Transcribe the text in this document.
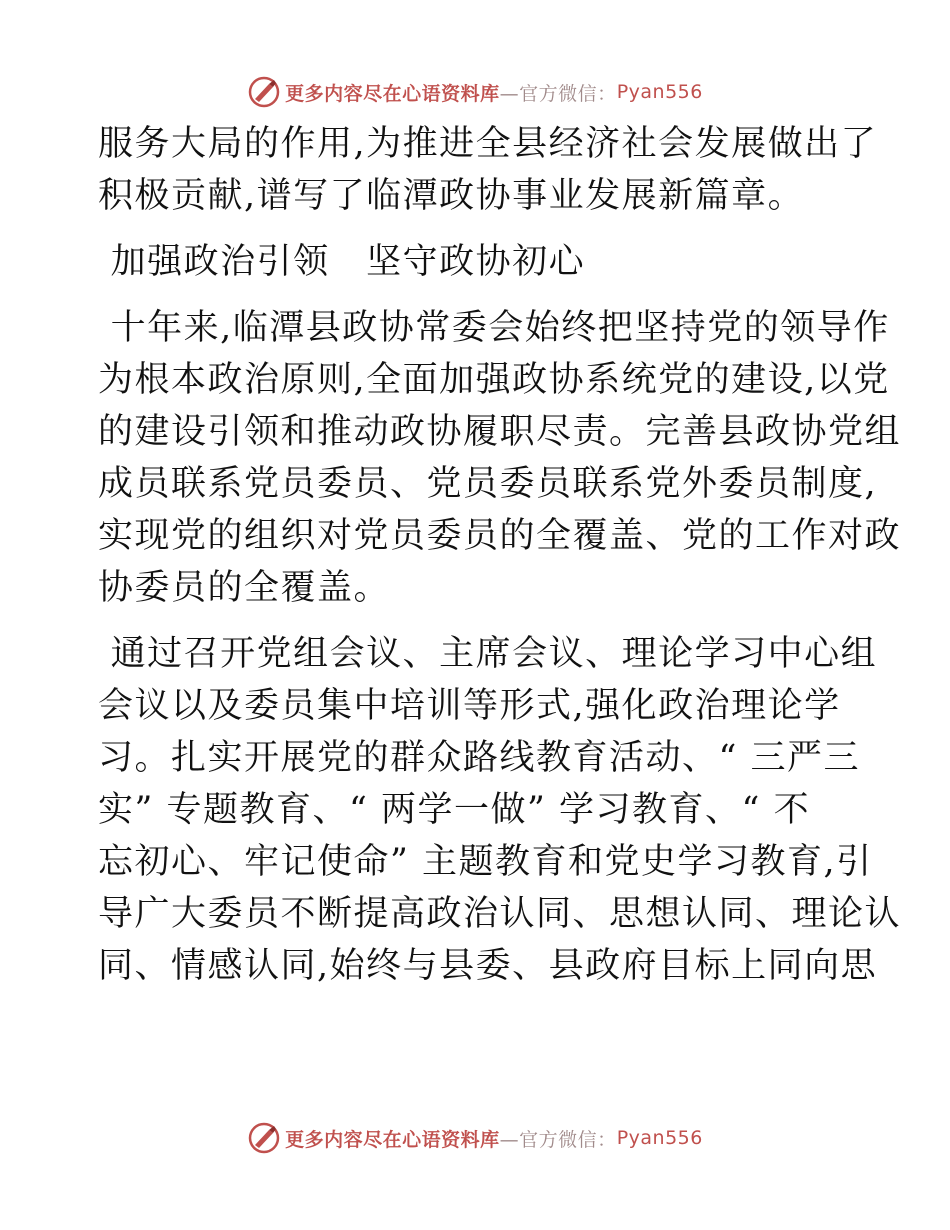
更多内容尽在心语资料库 —官方微信： Pyan556
服务大局的作用,为推进全县经济社会发展做出了
积极贡献,谱写了临潭政协事业发展新篇章。
加强政治引领　坚守政协初心
十年来,临潭县政协常委会始终把坚持党的领导作
为根本政治原则,全面加强政协系统党的建设,以党
的建设引领和推动政协履职尽责。完善县政协党组
成员联系党员委员、党员委员联系党外委员制度,
实现党的组织对党员委员的全覆盖、党的工作对政
协委员的全覆盖。
通过召开党组会议、主席会议、理论学习中心组
会议以及委员集中培训等形式,强化政治理论学
习。扎实开展党的群众路线教育活动、“ 三严三
实” 专题教育、“ 两学一做” 学习教育、“ 不
忘初心、牢记使命” 主题教育和党史学习教育,引
导广大委员不断提高政治认同、思想认同、理论认
同、情感认同,始终与县委、县政府目标上同向思
更多内容尽在心语资料库 —官方微信： Pyan556
